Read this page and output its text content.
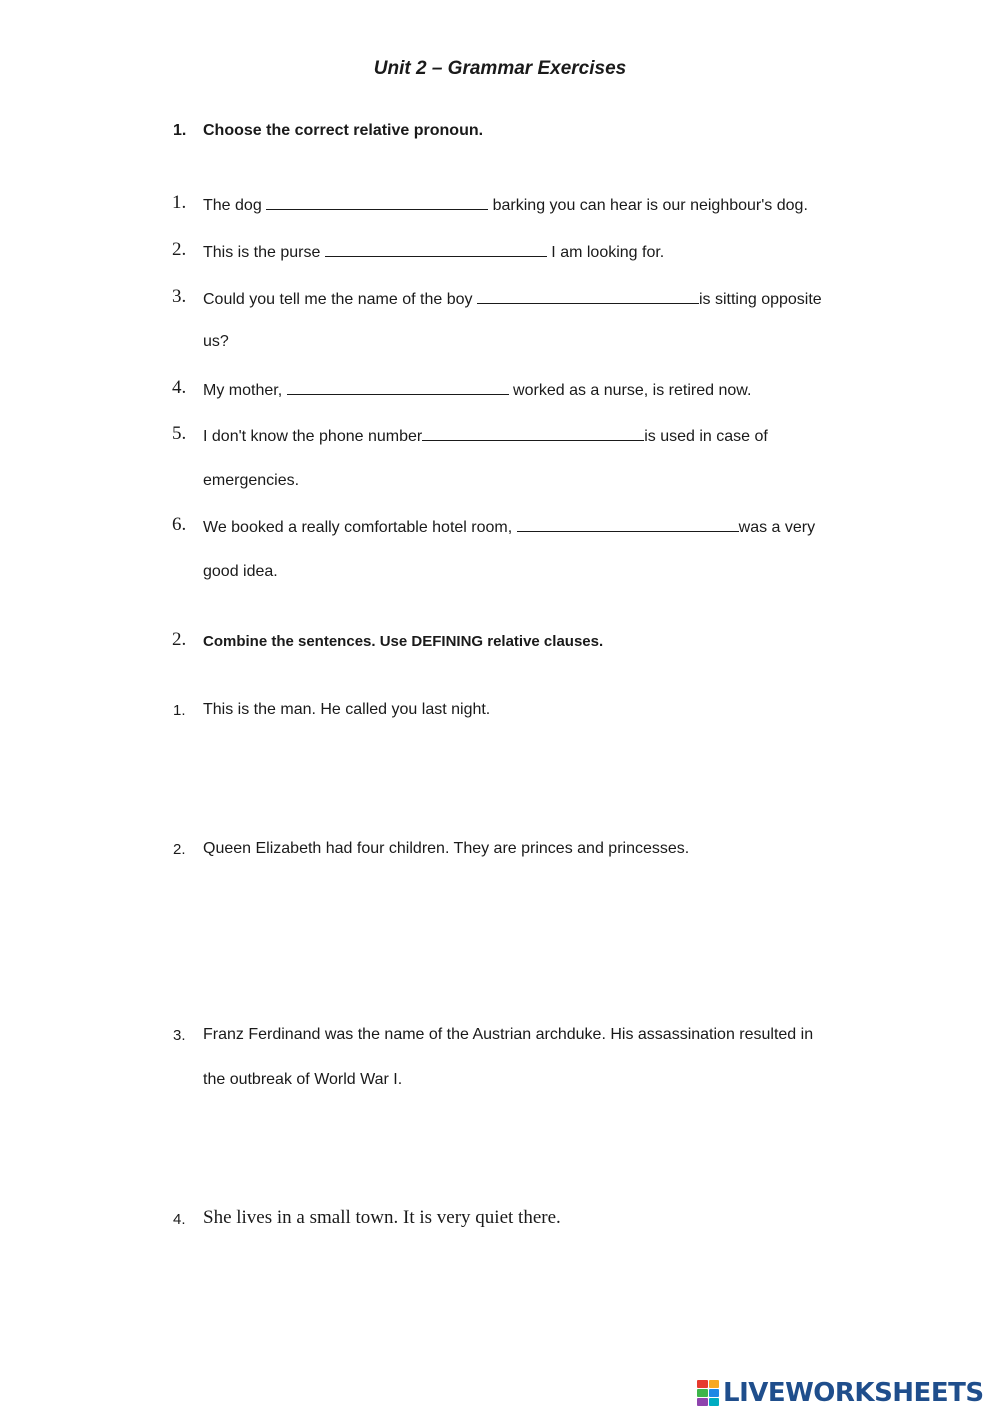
Unit 2 – Grammar Exercises
1. Choose the correct relative pronoun.
1. The dog	barking you can hear is our neighbour's dog.
2. This is the purse	I am looking for.
3. Could you tell me the name of the boy	is sitting opposite
us?
4. My mother,	worked as a nurse, is retired now.
5. I don't know the phone number	is used in case of
emergencies.
6. We booked a really comfortable hotel room,	was a very
good idea.
2. Combine the sentences. Use DEFINING relative clauses.
1. This is the man. He called you last night.
2. Queen Elizabeth had four children. They are princes and princesses.
3. Franz Ferdinand was the name of the Austrian archduke. His assassination resulted in
the outbreak of World War I.
4. She lives in a small town. It is very quiet there.
LIVEWORKSHEETS
